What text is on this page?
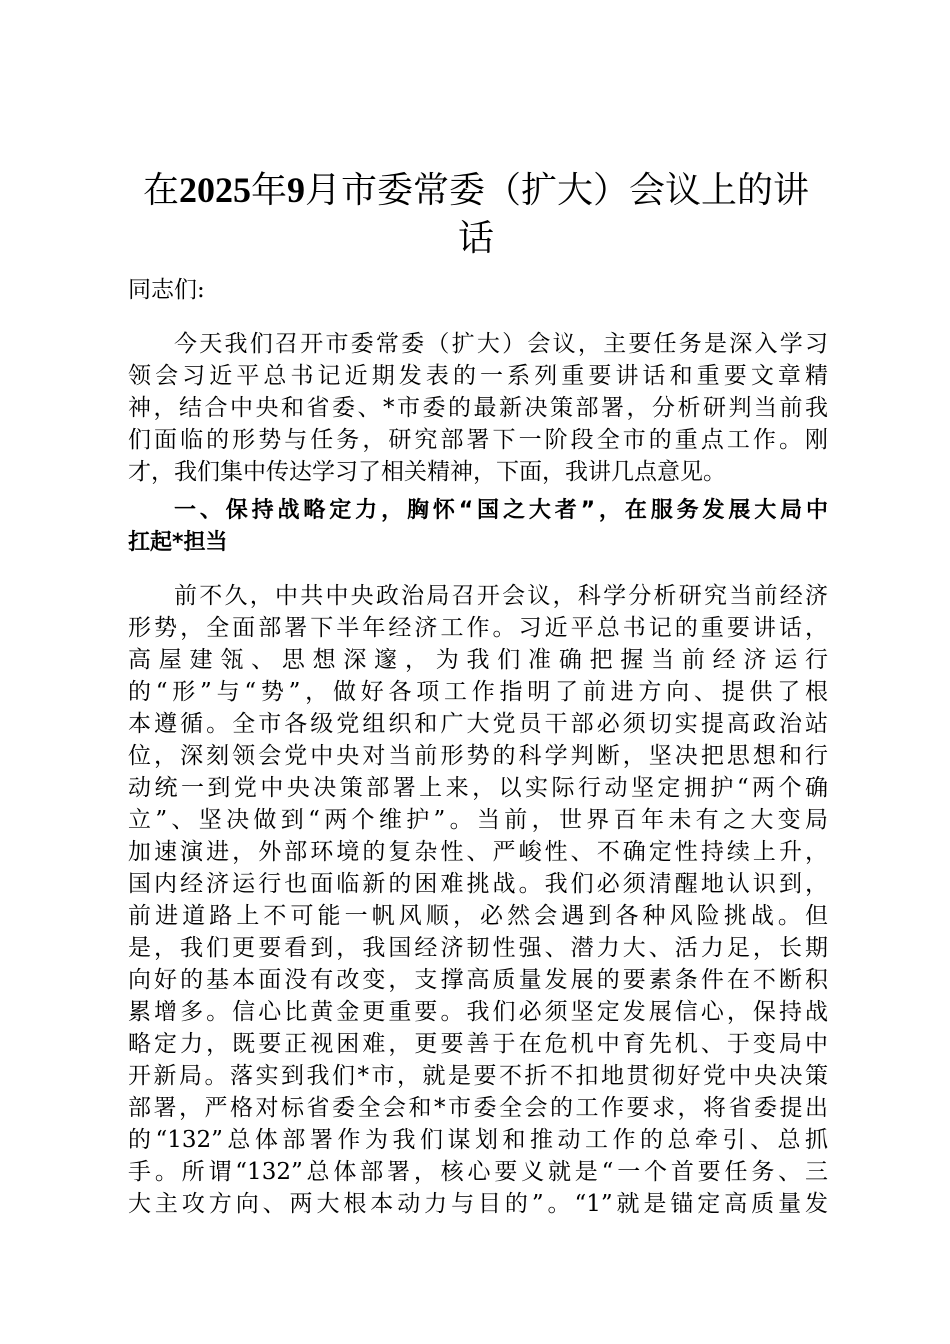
在2025年9月市委常委（扩大）会议上的讲话

同志们:

今天我们召开市委常委（扩大）会议，主要任务是深入学习
领会习近平总书记近期发表的一系列重要讲话和重要文章精
神，结合中央和省委、*市委的最新决策部署，分析研判当前我
们面临的形势与任务，研究部署下一阶段全市的重点工作。刚
才，我们集中传达学习了相关精神，下面，我讲几点意见。
一、保持战略定力，胸怀“国之大者”，在服务发展大局中
扛起*担当
前不久，中共中央政治局召开会议，科学分析研究当前经济
形势，全面部署下半年经济工作。习近平总书记的重要讲话，
高屋建瓴、思想深邃，为我们准确把握当前经济运行
的“形”与“势”，做好各项工作指明了前进方向、提供了根
本遵循。全市各级党组织和广大党员干部必须切实提高政治站
位，深刻领会党中央对当前形势的科学判断，坚决把思想和行
动统一到党中央决策部署上来，以实际行动坚定拥护“两个确
立”、坚决做到“两个维护”。当前，世界百年未有之大变局
加速演进，外部环境的复杂性、严峻性、不确定性持续上升，
国内经济运行也面临新的困难挑战。我们必须清醒地认识到，
前进道路上不可能一帆风顺，必然会遇到各种风险挑战。但
是，我们更要看到，我国经济韧性强、潜力大、活力足，长期
向好的基本面没有改变，支撑高质量发展的要素条件在不断积
累增多。信心比黄金更重要。我们必须坚定发展信心，保持战
略定力，既要正视困难，更要善于在危机中育先机、于变局中
开新局。落实到我们*市，就是要不折不扣地贯彻好党中央决策
部署，严格对标省委全会和*市委全会的工作要求，将省委提出
的“132”总体部署作为我们谋划和推动工作的总牵引、总抓
手。所谓“132”总体部署，核心要义就是“一个首要任务、三
大主攻方向、两大根本动力与目的”。“1”就是锚定高质量发
